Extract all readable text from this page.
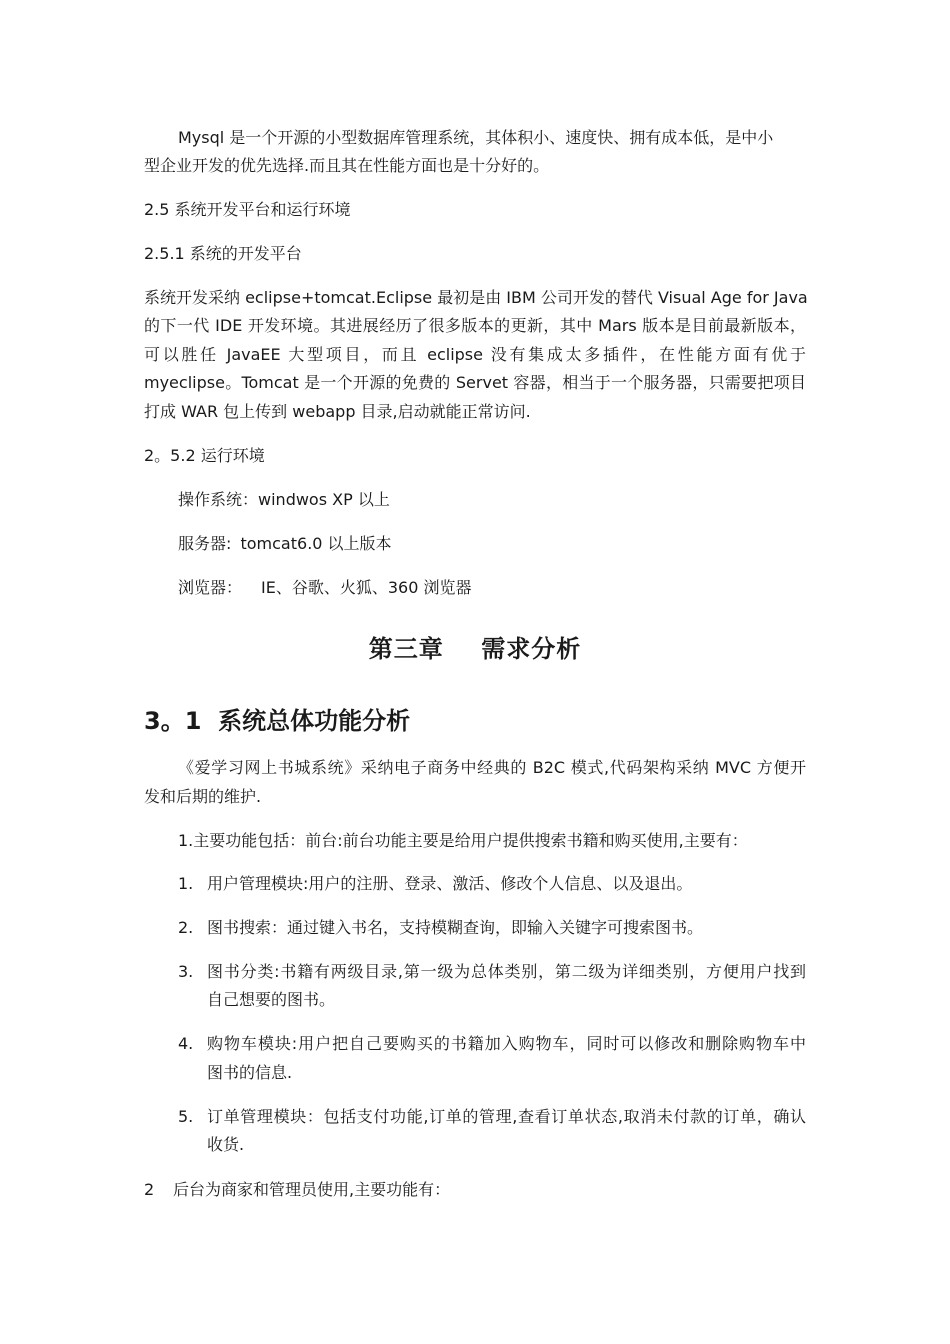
Mysql 是一个开源的小型数据库管理系统，其体积小、速度快、拥有成本低，是中小
型企业开发的优先选择.而且其在性能方面也是十分好的。
2.5 系统开发平台和运行环境
2.5.1 系统的开发平台
系统开发采纳 eclipse+tomcat.Eclipse 最初是由 IBM 公司开发的替代 Visual Age for Java
的下一代 IDE 开发环境。其进展经历了很多版本的更新，其中 Mars 版本是目前最新版本，
可以胜任 JavaEE 大型项目，而且 eclipse 没有集成太多插件，在性能方面有优于
myeclipse。Tomcat 是一个开源的免费的 Servet 容器，相当于一个服务器，只需要把项目
打成 WAR 包上传到 webapp 目录,启动就能正常访问.
2。5.2 运行环境
操作系统：windwos XP 以上
服务器: tomcat6.0 以上版本
浏览器： IE、谷歌、火狐、360 浏览器
第三章    需求分析
3。1  系统总体功能分析
《爱学习网上书城系统》采纳电子商务中经典的 B2C 模式,代码架构采纳 MVC 方便开
发和后期的维护.
1.主要功能包括：前台:前台功能主要是给用户提供搜索书籍和购买使用,主要有：
1. 用户管理模块:用户的注册、登录、激活、修改个人信息、以及退出。
2. 图书搜索：通过键入书名，支持模糊查询，即输入关键字可搜索图书。
3. 图书分类:书籍有两级目录,第一级为总体类别，第二级为详细类别，方便用户找到
自己想要的图书。
4. 购物车模块:用户把自己要购买的书籍加入购物车，同时可以修改和删除购物车中
图书的信息.
5. 订单管理模块：包括支付功能,订单的管理,查看订单状态,取消未付款的订单，确认
收货.
2 后台为商家和管理员使用,主要功能有：
